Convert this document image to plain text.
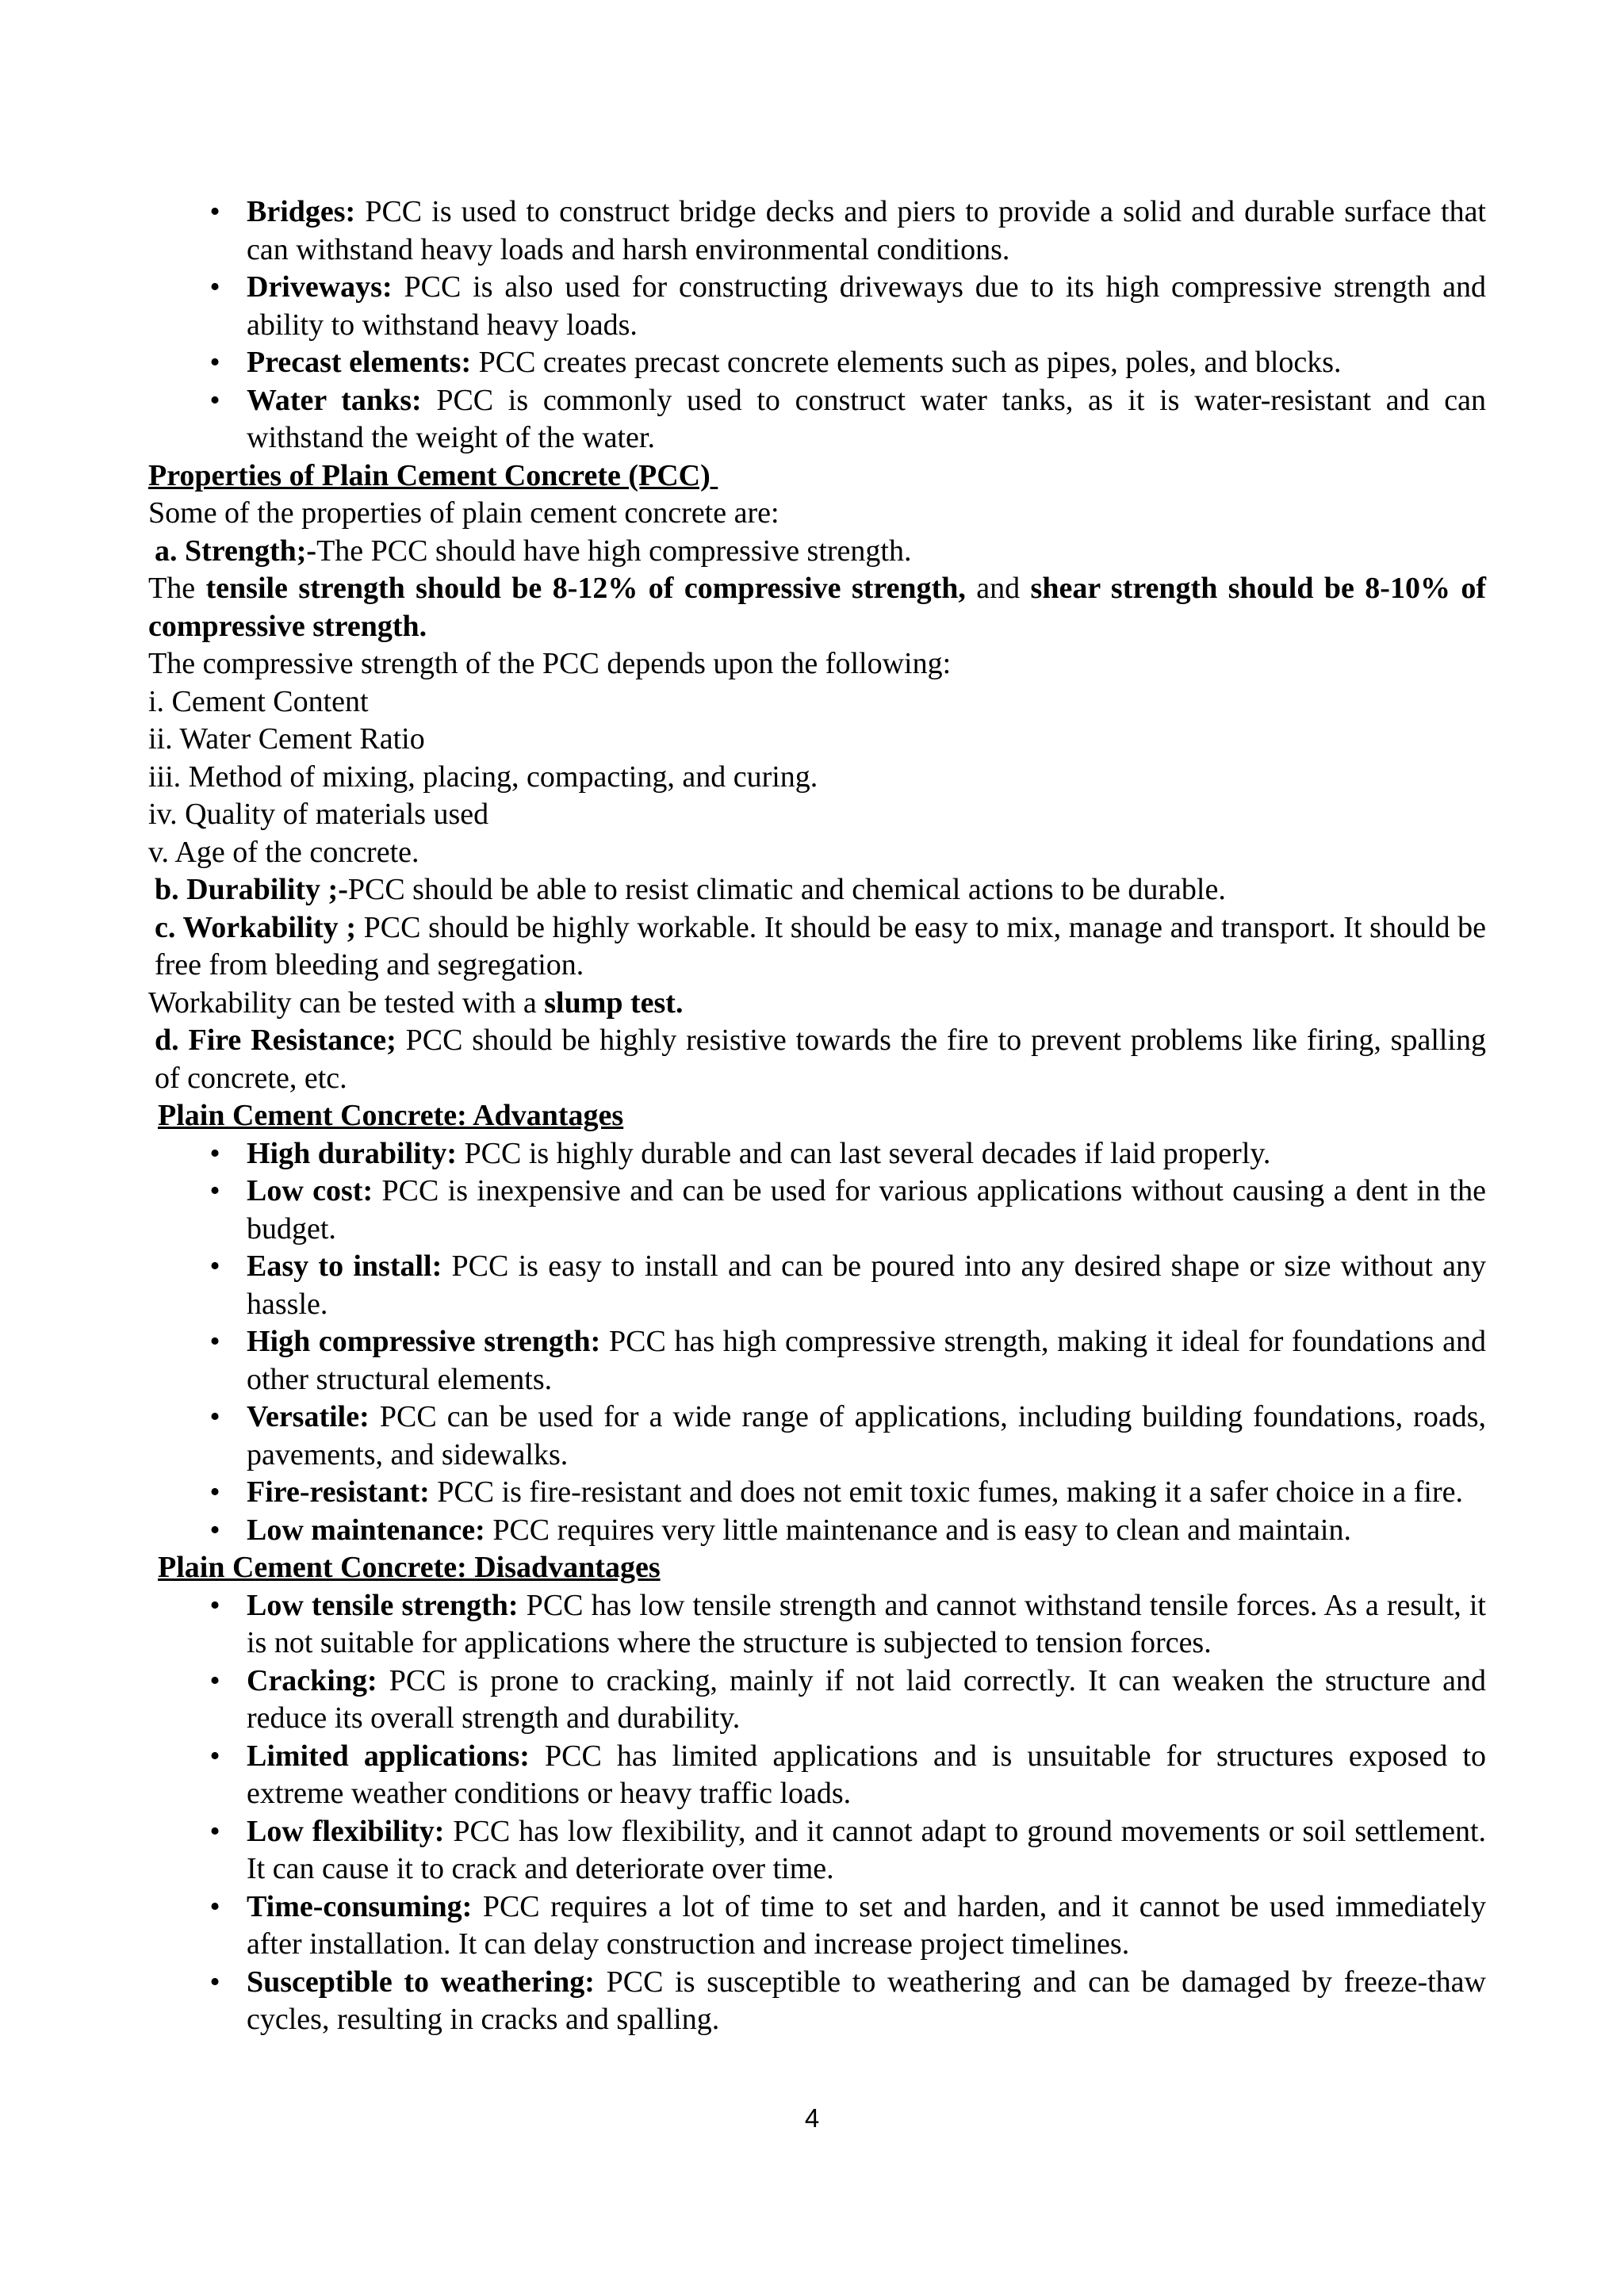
• Bridges: PCC is used to construct bridge decks and piers to provide a solid and durable surface that can withstand heavy loads and harsh environmental conditions.
• Driveways: PCC is also used for constructing driveways due to its high compressive strength and ability to withstand heavy loads.
• Precast elements: PCC creates precast concrete elements such as pipes, poles, and blocks.
• Water tanks: PCC is commonly used to construct water tanks, as it is water-resistant and can withstand the weight of the water.
Properties of Plain Cement Concrete (PCC)
Some of the properties of plain cement concrete are:
a. Strength;-The PCC should have high compressive strength.
The tensile strength should be 8-12% of compressive strength, and shear strength should be 8-10% of compressive strength.
The compressive strength of the PCC depends upon the following:
i. Cement Content
ii. Water Cement Ratio
iii. Method of mixing, placing, compacting, and curing.
iv. Quality of materials used
v. Age of the concrete.
b. Durability ;-PCC should be able to resist climatic and chemical actions to be durable.
c. Workability ; PCC should be highly workable. It should be easy to mix, manage and transport. It should be free from bleeding and segregation.
Workability can be tested with a slump test.
d. Fire Resistance; PCC should be highly resistive towards the fire to prevent problems like firing, spalling of concrete, etc.
Plain Cement Concrete: Advantages
• High durability: PCC is highly durable and can last several decades if laid properly.
• Low cost: PCC is inexpensive and can be used for various applications without causing a dent in the budget.
• Easy to install: PCC is easy to install and can be poured into any desired shape or size without any hassle.
• High compressive strength: PCC has high compressive strength, making it ideal for foundations and other structural elements.
• Versatile: PCC can be used for a wide range of applications, including building foundations, roads, pavements, and sidewalks.
• Fire-resistant: PCC is fire-resistant and does not emit toxic fumes, making it a safer choice in a fire.
• Low maintenance: PCC requires very little maintenance and is easy to clean and maintain.
Plain Cement Concrete: Disadvantages
• Low tensile strength: PCC has low tensile strength and cannot withstand tensile forces. As a result, it is not suitable for applications where the structure is subjected to tension forces.
• Cracking: PCC is prone to cracking, mainly if not laid correctly. It can weaken the structure and reduce its overall strength and durability.
• Limited applications: PCC has limited applications and is unsuitable for structures exposed to extreme weather conditions or heavy traffic loads.
• Low flexibility: PCC has low flexibility, and it cannot adapt to ground movements or soil settlement. It can cause it to crack and deteriorate over time.
• Time-consuming: PCC requires a lot of time to set and harden, and it cannot be used immediately after installation. It can delay construction and increase project timelines.
• Susceptible to weathering: PCC is susceptible to weathering and can be damaged by freeze-thaw cycles, resulting in cracks and spalling.
4
